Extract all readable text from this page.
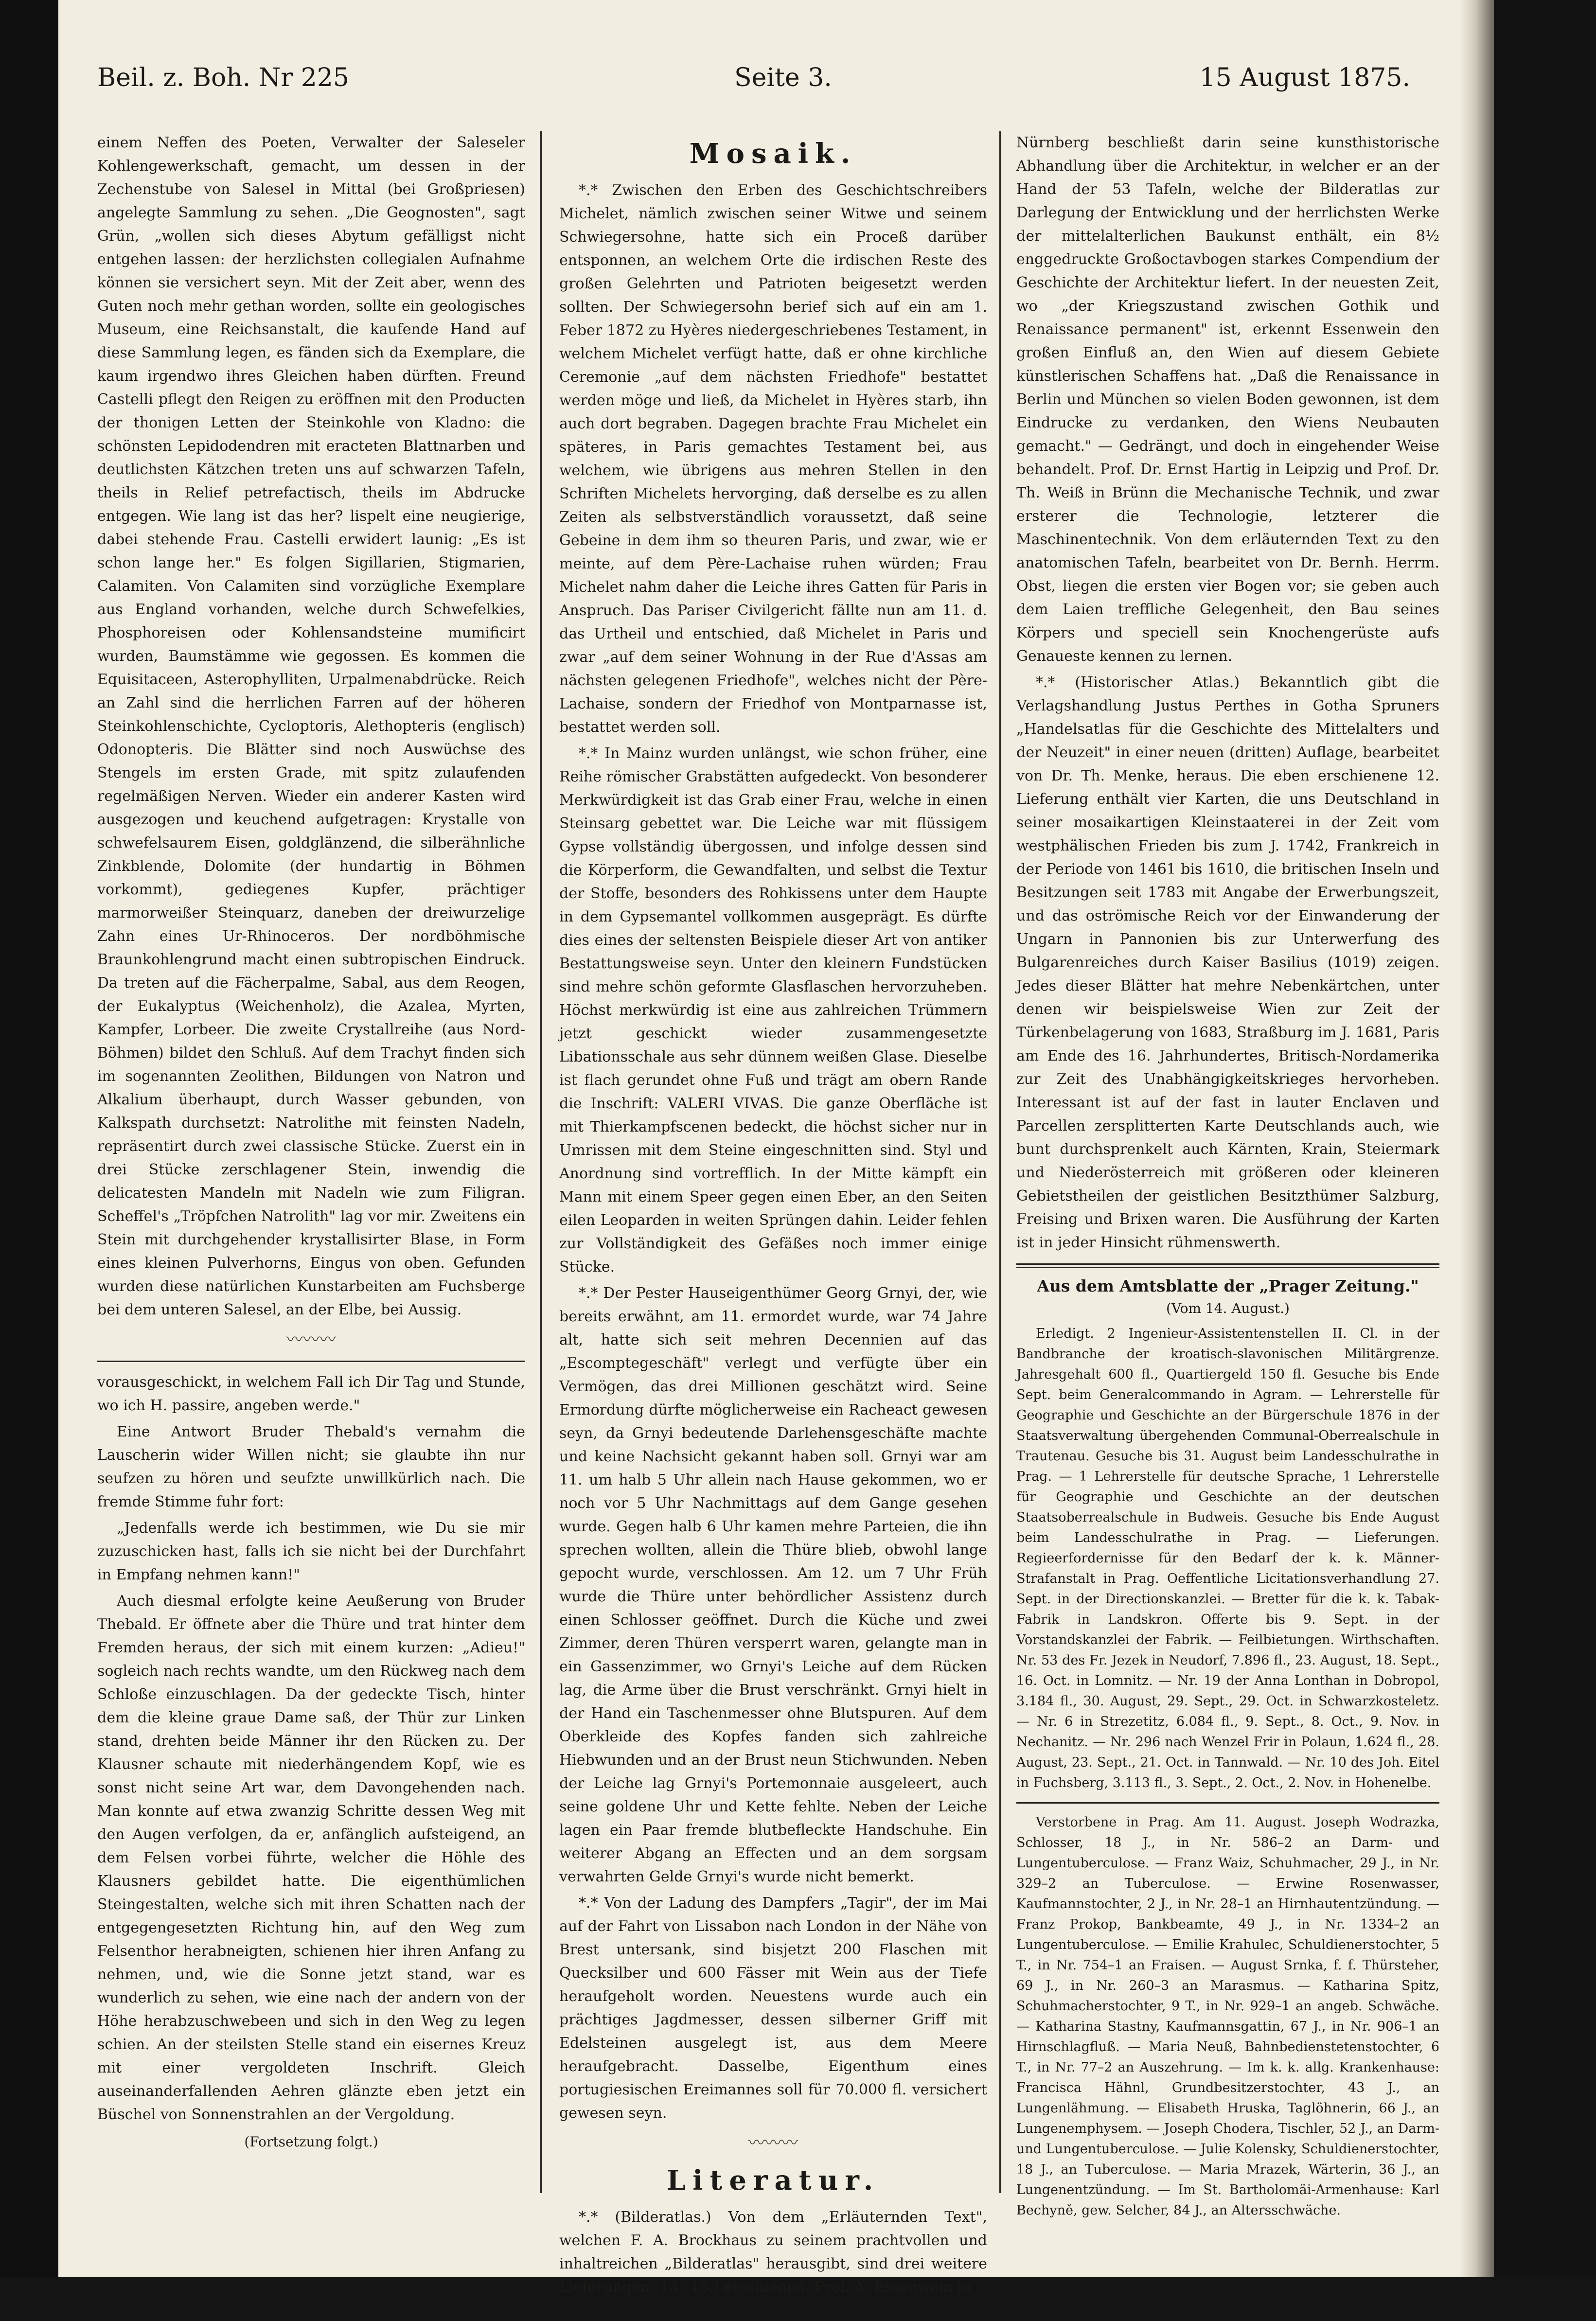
Beil. z. Boh. Nr 225	Seite 3.	15 August 1875.

einem Neffen des Poeten, Verwalter der Saleseler Kohlengewerkschaft, gemacht, um dessen in der Zechenstube von Salesel in Mittal (bei Großpriesen) angelegte Sammlung zu sehen. „Die Geognosten", sagt Grün, „wollen sich dieses Abytum gefälligst nicht entgehen lassen: der herzlichsten collegialen Aufnahme können sie versichert seyn. Mit der Zeit aber, wenn des Guten noch mehr gethan worden, sollte ein geologisches Museum, eine Reichsanstalt, die kaufende Hand auf diese Sammlung legen, es fänden sich da Exemplare, die kaum irgendwo ihres Gleichen haben dürften. Freund Castelli pflegt den Reigen zu eröffnen mit den Producten der thonigen Letten der Steinkohle von Kladno: die schönsten Lepidodendren mit eracteten Blattnarben und deutlichsten Kätzchen treten uns auf schwarzen Tafeln, theils in Relief petrefactisch, theils im Abdrucke entgegen. Wie lang ist das her? lispelt eine neugierige, dabei stehende Frau. Castelli erwidert launig: „Es ist schon lange her." Es folgen Sigillarien, Stigmarien, Calamiten. Von Calamiten sind vorzügliche Exemplare aus England vorhanden, welche durch Schwefelkies, Phosphoreisen oder Kohlensandsteine mumificirt wurden, Baumstämme wie gegossen. Es kommen die Equisitaceen, Asterophylliten, Urpalmenabdrücke. Reich an Zahl sind die herrlichen Farren auf der höheren Steinkohlenschichte, Cycloptoris, Alethopteris (englisch) Odonopteris. Die Blätter sind noch Auswüchse des Stengels im ersten Grade, mit spitz zulaufenden regelmäßigen Nerven. Wieder ein anderer Kasten wird ausgezogen und keuchend aufgetragen: Krystalle von schwefelsaurem Eisen, goldglänzend, die silberähnliche Zinkblende, Dolomite (der hundartig in Böhmen vorkommt), gediegenes Kupfer, prächtiger marmorweißer Steinquarz, daneben der dreiwurzelige Zahn eines Ur-Rhinoceros. Der nordböhmische Braunkohlengrund macht einen subtropischen Eindruck. Da treten auf die Fächerpalme, Sabal, aus dem Reogen, der Eukalyptus (Weichenholz), die Azalea, Myrten, Kampfer, Lorbeer. Die zweite Crystallreihe (aus Nord-Böhmen) bildet den Schluß. Auf dem Trachyt finden sich im sogenannten Zeolithen, Bildungen von Natron und Alkalium überhaupt, durch Wasser gebunden, von Kalkspath durchsetzt: Natrolithe mit feinsten Nadeln, repräsentirt durch zwei classische Stücke. Zuerst ein in drei Stücke zerschlagener Stein, inwendig die delicatesten Mandeln mit Nadeln wie zum Filigran. Scheffel's „Tröpfchen Natrolith" lag vor mir. Zweitens ein Stein mit durchgehender krystallisirter Blase, in Form eines kleinen Pulverhorns, Eingus von oben. Gefunden wurden diese natürlichen Kunstarbeiten am Fuchsberge bei dem unteren Salesel, an der Elbe, bei Aussig.

〰〰〰

vorausgeschickt, in welchem Fall ich Dir Tag und Stunde, wo ich H. passire, angeben werde."

Eine Antwort Bruder Thebald's vernahm die Lauscherin wider Willen nicht; sie glaubte ihn nur seufzen zu hören und seufzte unwillkürlich nach. Die fremde Stimme fuhr fort:

„Jedenfalls werde ich bestimmen, wie Du sie mir zuzuschicken hast, falls ich sie nicht bei der Durchfahrt in Empfang nehmen kann!"

Auch diesmal erfolgte keine Aeußerung von Bruder Thebald. Er öffnete aber die Thüre und trat hinter dem Fremden heraus, der sich mit einem kurzen: „Adieu!" sogleich nach rechts wandte, um den Rückweg nach dem Schloße einzuschlagen. Da der gedeckte Tisch, hinter dem die kleine graue Dame saß, der Thür zur Linken stand, drehten beide Männer ihr den Rücken zu. Der Klausner schaute mit niederhängendem Kopf, wie es sonst nicht seine Art war, dem Davongehenden nach. Man konnte auf etwa zwanzig Schritte dessen Weg mit den Augen verfolgen, da er, anfänglich aufsteigend, an dem Felsen vorbei führte, welcher die Höhle des Klausners gebildet hatte. Die eigenthümlichen Steingestalten, welche sich mit ihren Schatten nach der entgegengesetzten Richtung hin, auf den Weg zum Felsenthor herabneigten, schienen hier ihren Anfang zu nehmen, und, wie die Sonne jetzt stand, war es wunderlich zu sehen, wie eine nach der andern von der Höhe herabzuschwebeen und sich in den Weg zu legen schien. An der steilsten Stelle stand ein eisernes Kreuz mit einer vergoldeten Inschrift. Gleich auseinanderfallenden Aehren glänzte eben jetzt ein Büschel von Sonnenstrahlen an der Vergoldung.

(Fortsetzung folgt.)
Mosaik.

*.* Zwischen den Erben des Geschichtschreibers Michelet, nämlich zwischen seiner Witwe und seinem Schwiegersohne, hatte sich ein Proceß darüber entsponnen, an welchem Orte die irdischen Reste des großen Gelehrten und Patrioten beigesetzt werden sollten. Der Schwiegersohn berief sich auf ein am 1. Feber 1872 zu Hyères niedergeschriebenes Testament, in welchem Michelet verfügt hatte, daß er ohne kirchliche Ceremonie „auf dem nächsten Friedhofe" bestattet werden möge und ließ, da Michelet in Hyères starb, ihn auch dort begraben. Dagegen brachte Frau Michelet ein späteres, in Paris gemachtes Testament bei, aus welchem, wie übrigens aus mehren Stellen in den Schriften Michelets hervorging, daß derselbe es zu allen Zeiten als selbstverständlich voraussetzt, daß seine Gebeine in dem ihm so theuren Paris, und zwar, wie er meinte, auf dem Père-Lachaise ruhen würden; Frau Michelet nahm daher die Leiche ihres Gatten für Paris in Anspruch. Das Pariser Civilgericht fällte nun am 11. d. das Urtheil und entschied, daß Michelet in Paris und zwar „auf dem seiner Wohnung in der Rue d'Assas am nächsten gelegenen Friedhofe", welches nicht der Père-Lachaise, sondern der Friedhof von Montparnasse ist, bestattet werden soll.

*.* In Mainz wurden unlängst, wie schon früher, eine Reihe römischer Grabstätten aufgedeckt. Von besonderer Merkwürdigkeit ist das Grab einer Frau, welche in einen Steinsarg gebettet war. Die Leiche war mit flüssigem Gypse vollständig übergossen, und infolge dessen sind die Körperform, die Gewandfalten, und selbst die Textur der Stoffe, besonders des Rohkissens unter dem Haupte in dem Gypsemantel vollkommen ausgeprägt. Es dürfte dies eines der seltensten Beispiele dieser Art von antiker Bestattungsweise seyn. Unter den kleinern Fundstücken sind mehre schön geformte Glasflaschen hervorzuheben. Höchst merkwürdig ist eine aus zahlreichen Trümmern jetzt geschickt wieder zusammengesetzte Libationsschale aus sehr dünnem weißen Glase. Dieselbe ist flach gerundet ohne Fuß und trägt am obern Rande die Inschrift: VALERI VIVAS. Die ganze Oberfläche ist mit Thierkampfscenen bedeckt, die höchst sicher nur in Umrissen mit dem Steine eingeschnitten sind. Styl und Anordnung sind vortrefflich. In der Mitte kämpft ein Mann mit einem Speer gegen einen Eber, an den Seiten eilen Leoparden in weiten Sprüngen dahin. Leider fehlen zur Vollständigkeit des Gefäßes noch immer einige Stücke.

*.* Der Pester Hauseigenthümer Georg Grnyi, der, wie bereits erwähnt, am 11. ermordet wurde, war 74 Jahre alt, hatte sich seit mehren Decennien auf das „Escomptegeschäft" verlegt und verfügte über ein Vermögen, das drei Millionen geschätzt wird. Seine Ermordung dürfte möglicherweise ein Racheact gewesen seyn, da Grnyi bedeutende Darlehensgeschäfte machte und keine Nachsicht gekannt haben soll. Grnyi war am 11. um halb 5 Uhr allein nach Hause gekommen, wo er noch vor 5 Uhr Nachmittags auf dem Gange gesehen wurde. Gegen halb 6 Uhr kamen mehre Parteien, die ihn sprechen wollten, allein die Thüre blieb, obwohl lange gepocht wurde, verschlossen. Am 12. um 7 Uhr Früh wurde die Thüre unter behördlicher Assistenz durch einen Schlosser geöffnet. Durch die Küche und zwei Zimmer, deren Thüren versperrt waren, gelangte man in ein Gassenzimmer, wo Grnyi's Leiche auf dem Rücken lag, die Arme über die Brust verschränkt. Grnyi hielt in der Hand ein Taschenmesser ohne Blutspuren. Auf dem Oberkleide des Kopfes fanden sich zahlreiche Hiebwunden und an der Brust neun Stichwunden. Neben der Leiche lag Grnyi's Portemonnaie ausgeleert, auch seine goldene Uhr und Kette fehlte. Neben der Leiche lagen ein Paar fremde blutbefleckte Handschuhe. Ein weiterer Abgang an Effecten und an dem sorgsam verwahrten Gelde Grnyi's wurde nicht bemerkt.

*.* Von der Ladung des Dampfers „Tagir", der im Mai auf der Fahrt von Lissabon nach London in der Nähe von Brest untersank, sind bisjetzt 200 Flaschen mit Quecksilber und 600 Fässer mit Wein aus der Tiefe heraufgeholt worden. Neuestens wurde auch ein prächtiges Jagdmesser, dessen silberner Griff mit Edelsteinen ausgelegt ist, aus dem Meere heraufgebracht. Dasselbe, Eigenthum eines portugiesischen Ereimannes soll für 70.000 fl. versichert gewesen seyn.

〰〰〰
Literatur.

*.* (Bilderatlas.) Von dem „Erläuternden Text", welchen F. A. Brockhaus zu seinem prachtvollen und inhaltreichen „Bilderatlas" herausgibt, sind drei weitere Lieferungen (13.–15.) erschienen. Prof. A. Essenwein in

Nürnberg beschließt darin seine kunsthistorische Abhandlung über die Architektur, in welcher er an der Hand der 53 Tafeln, welche der Bilderatlas zur Darlegung der Entwicklung und der herrlichsten Werke der mittelalterlichen Baukunst enthält, ein 8½ enggedruckte Großoctavbogen starkes Compendium der Geschichte der Architektur liefert. In der neuesten Zeit, wo „der Kriegszustand zwischen Gothik und Renaissance permanent" ist, erkennt Essenwein den großen Einfluß an, den Wien auf diesem Gebiete künstlerischen Schaffens hat. „Daß die Renaissance in Berlin und München so vielen Boden gewonnen, ist dem Eindrucke zu verdanken, den Wiens Neubauten gemacht." — Gedrängt, und doch in eingehender Weise behandelt. Prof. Dr. Ernst Hartig in Leipzig und Prof. Dr. Th. Weiß in Brünn die Mechanische Technik, und zwar ersterer die Technologie, letzterer die Maschinentechnik. Von dem erläuternden Text zu den anatomischen Tafeln, bearbeitet von Dr. Bernh. Herrm. Obst, liegen die ersten vier Bogen vor; sie geben auch dem Laien treffliche Gelegenheit, den Bau seines Körpers und speciell sein Knochengerüste aufs Genaueste kennen zu lernen.

*.* (Historischer Atlas.) Bekanntlich gibt die Verlagshandlung Justus Perthes in Gotha Spruners „Handelsatlas für die Geschichte des Mittelalters und der Neuzeit" in einer neuen (dritten) Auflage, bearbeitet von Dr. Th. Menke, heraus. Die eben erschienene 12. Lieferung enthält vier Karten, die uns Deutschland in seiner mosaikartigen Kleinstaaterei in der Zeit vom westphälischen Frieden bis zum J. 1742, Frankreich in der Periode von 1461 bis 1610, die britischen Inseln und Besitzungen seit 1783 mit Angabe der Erwerbungszeit, und das oströmische Reich vor der Einwanderung der Ungarn in Pannonien bis zur Unterwerfung des Bulgarenreiches durch Kaiser Basilius (1019) zeigen. Jedes dieser Blätter hat mehre Nebenkärtchen, unter denen wir beispielsweise Wien zur Zeit der Türkenbelagerung von 1683, Straßburg im J. 1681, Paris am Ende des 16. Jahrhundertes, Britisch-Nordamerika zur Zeit des Unabhängigkeitskrieges hervorheben. Interessant ist auf der fast in lauter Enclaven und Parcellen zersplitterten Karte Deutschlands auch, wie bunt durchsprenkelt auch Kärnten, Krain, Steiermark und Niederösterreich mit größeren oder kleineren Gebietstheilen der geistlichen Besitzthümer Salzburg, Freising und Brixen waren. Die Ausführung der Karten ist in jeder Hinsicht rühmenswerth.

Aus dem Amtsblatte der „Prager Zeitung."
(Vom 14. August.)

Erledigt. 2 Ingenieur-Assistentenstellen II. Cl. in der Bandbranche der kroatisch-slavonischen Militärgrenze. Jahresgehalt 600 fl., Quartiergeld 150 fl. Gesuche bis Ende Sept. beim Generalcommando in Agram. — Lehrerstelle für Geographie und Geschichte an der Bürgerschule 1876 in der Staatsverwaltung übergehenden Communal-Oberrealschule in Trautenau. Gesuche bis 31. August beim Landesschulrathe in Prag. — 1 Lehrerstelle für deutsche Sprache, 1 Lehrerstelle für Geographie und Geschichte an der deutschen Staatsoberrealschule in Budweis. Gesuche bis Ende August beim Landesschulrathe in Prag. — Lieferungen. Regieerfordernisse für den Bedarf der k. k. Männer-Strafanstalt in Prag. Oeffentliche Licitationsverhandlung 27. Sept. in der Directionskanzlei. — Bretter für die k. k. Tabak-Fabrik in Landskron. Offerte bis 9. Sept. in der Vorstandskanzlei der Fabrik. — Feilbietungen. Wirthschaften. Nr. 53 des Fr. Jezek in Neudorf, 7.896 fl., 23. August, 18. Sept., 16. Oct. in Lomnitz. — Nr. 19 der Anna Lonthan in Dobropol, 3.184 fl., 30. August, 29. Sept., 29. Oct. in Schwarzkosteletz. — Nr. 6 in Strezetitz, 6.084 fl., 9. Sept., 8. Oct., 9. Nov. in Nechanitz. — Nr. 296 nach Wenzel Frir in Polaun, 1.624 fl., 28. August, 23. Sept., 21. Oct. in Tannwald. — Nr. 10 des Joh. Eitel in Fuchsberg, 3.113 fl., 3. Sept., 2. Oct., 2. Nov. in Hohenelbe.

Verstorbene in Prag. Am 11. August. Joseph Wodrazka, Schlosser, 18 J., in Nr. 586–2 an Darm- und Lungentuberculose. — Franz Waiz, Schuhmacher, 29 J., in Nr. 329–2 an Tuberculose. — Erwine Rosenwasser, Kaufmannstochter, 2 J., in Nr. 28–1 an Hirnhautentzündung. — Franz Prokop, Bankbeamte, 49 J., in Nr. 1334–2 an Lungentuberculose. — Emilie Krahulec, Schuldienerstochter, 5 T., in Nr. 754–1 an Fraisen. — August Srnka, f. f. Thürsteher, 69 J., in Nr. 260–3 an Marasmus. — Katharina Spitz, Schuhmacherstochter, 9 T., in Nr. 929–1 an angeb. Schwäche. — Katharina Stastny, Kaufmannsgattin, 67 J., in Nr. 906–1 an Hirnschlagfluß. — Maria Neuß, Bahnbedienstetenstochter, 6 T., in Nr. 77–2 an Auszehrung. — Im k. k. allg. Krankenhause: Francisca Hähnl, Grundbesitzerstochter, 43 J., an Lungenlähmung. — Elisabeth Hruska, Taglöhnerin, 66 J., an Lungenemphysem. — Joseph Chodera, Tischler, 52 J., an Darm- und Lungentuberculose. — Julie Kolensky, Schuldienerstochter, 18 J., an Tuberculose. — Maria Mrazek, Wärterin, 36 J., an Lungenentzündung. — Im St. Bartholomäi-Armenhause: Karl Bechyně, gew. Selcher, 84 J., an Altersschwäche.
